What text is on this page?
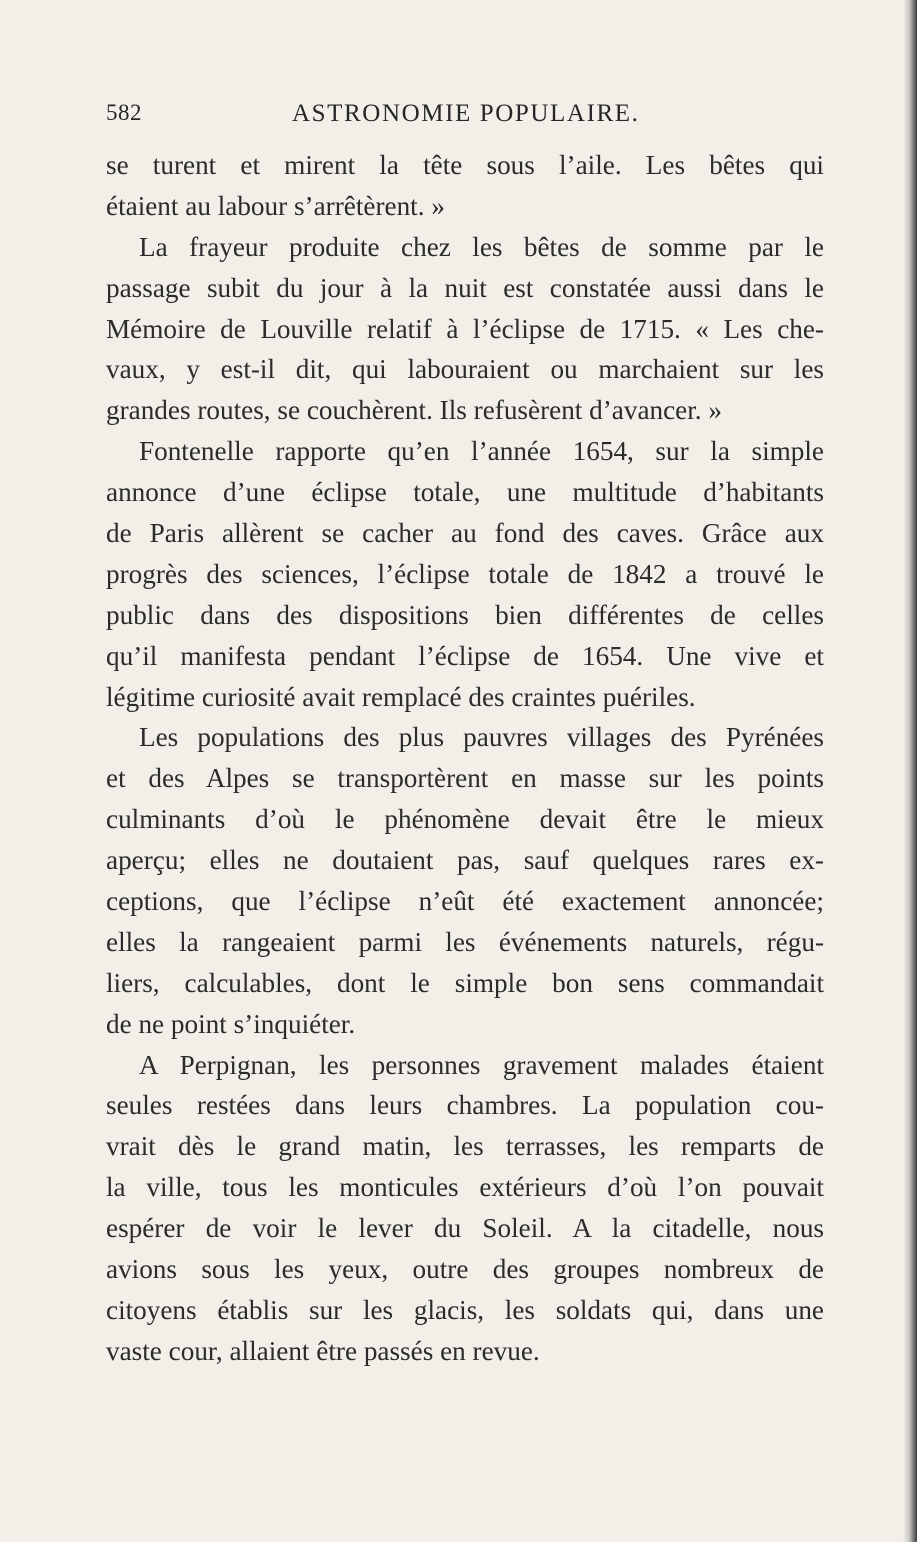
582	ASTRONOMIE POPULAIRE.
se turent et mirent la tête sous l’aile. Les bêtes qui
étaient au labour s’arrêtèrent. »
La frayeur produite chez les bêtes de somme par le
passage subit du jour à la nuit est constatée aussi dans le
Mémoire de Louville relatif à l’éclipse de 1715. « Les che-
vaux, y est-il dit, qui labouraient ou marchaient sur les
grandes routes, se couchèrent. Ils refusèrent d’avancer. »
Fontenelle rapporte qu’en l’année 1654, sur la simple
annonce d’une éclipse totale, une multitude d’habitants
de Paris allèrent se cacher au fond des caves. Grâce aux
progrès des sciences, l’éclipse totale de 1842 a trouvé le
public dans des dispositions bien différentes de celles
qu’il manifesta pendant l’éclipse de 1654. Une vive et
légitime curiosité avait remplacé des craintes puériles.
Les populations des plus pauvres villages des Pyrénées
et des Alpes se transportèrent en masse sur les points
culminants d’où le phénomène devait être le mieux
aperçu; elles ne doutaient pas, sauf quelques rares ex-
ceptions, que l’éclipse n’eût été exactement annoncée;
elles la rangeaient parmi les événements naturels, régu-
liers, calculables, dont le simple bon sens commandait
de ne point s’inquiéter.
A Perpignan, les personnes gravement malades étaient
seules restées dans leurs chambres. La population cou-
vrait dès le grand matin, les terrasses, les remparts de
la ville, tous les monticules extérieurs d’où l’on pouvait
espérer de voir le lever du Soleil. A la citadelle, nous
avions sous les yeux, outre des groupes nombreux de
citoyens établis sur les glacis, les soldats qui, dans une
vaste cour, allaient être passés en revue.
